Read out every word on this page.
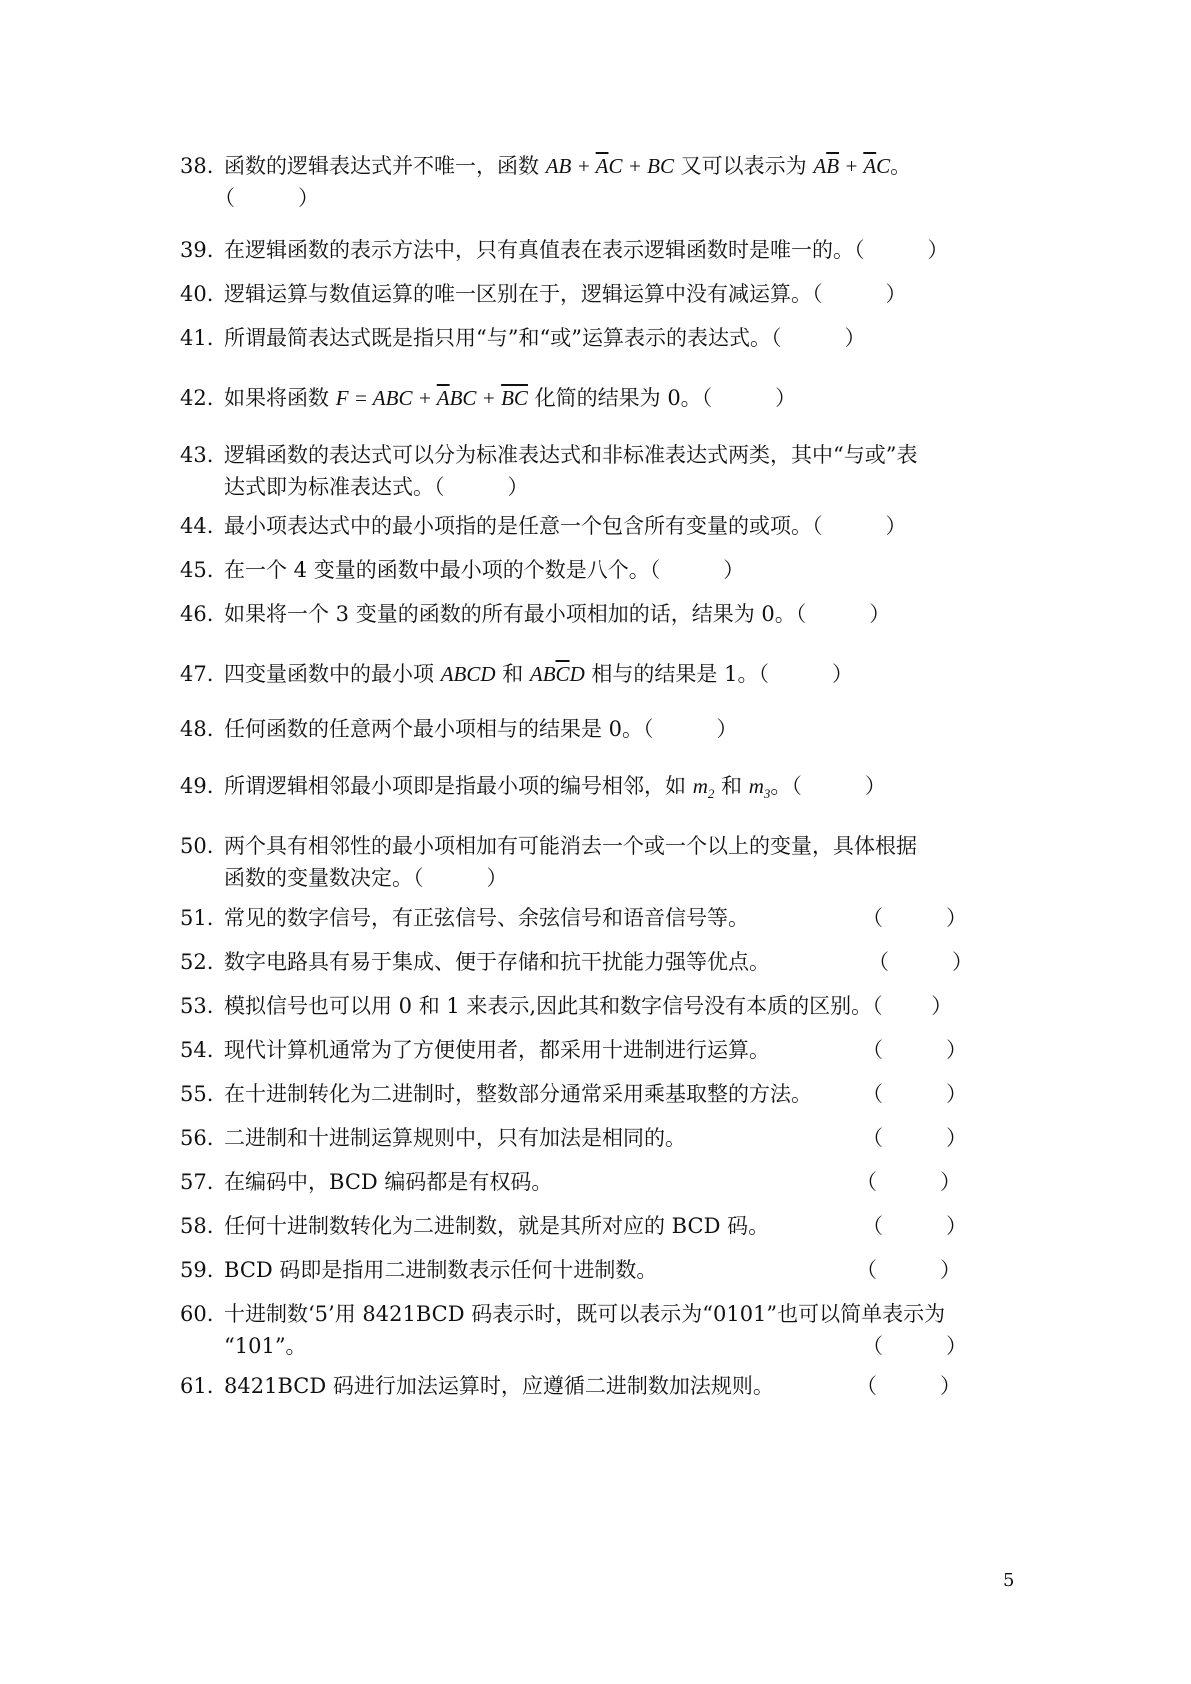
38. 函数的逻辑表达式并不唯一，函数 AB + $\overline{A}C$ + BC 又可以表示为 $A\overline{B} + \overline{A}C$。
（　　　）
39. 在逻辑函数的表示方法中，只有真值表在表示逻辑函数时是唯一的。（　　　）
40. 逻辑运算与数值运算的唯一区别在于，逻辑运算中没有减运算。（　　　）
41. 所谓最简表达式既是指只用“与”和“或”运算表示的表达式。（　　　）
42. 如果将函数 F = ABC + $\overline{A}BC + \overline{BC}$ 化简的结果为 0。（　　　）
43. 逻辑函数的表达式可以分为标准表达式和非标准表达式两类，其中“与或”表
达式即为标准表达式。（　　　）
44. 最小项表达式中的最小项指的是任意一个包含所有变量的或项。（　　　）
45. 在一个 4 变量的函数中最小项的个数是八个。（　　　）
46. 如果将一个 3 变量的函数的所有最小项相加的话，结果为 0。（　　　）
47. 四变量函数中的最小项 ABCD 和 $AB\overline{C}D$ 相与的结果是 1。（　　　）
48. 任何函数的任意两个最小项相与的结果是 0。（　　　）
49. 所谓逻辑相邻最小项即是指最小项的编号相邻，如 $m_2$ 和 $m_3$。（　　　）
50. 两个具有相邻性的最小项相加有可能消去一个或一个以上的变量，具体根据
函数的变量数决定。（　　　）
51. 常见的数字信号，有正弦信号、余弦信号和语音信号等。	（　　　）
52. 数字电路具有易于集成、便于存储和抗干扰能力强等优点。	（　　　）
53. 模拟信号也可以用 0 和 1 来表示,因此其和数字信号没有本质的区别。（　　 ）
54. 现代计算机通常为了方便使用者，都采用十进制进行运算。	（　　　）
55. 在十进制转化为二进制时，整数部分通常采用乘基取整的方法。 （　　　）
56. 二进制和十进制运算规则中，只有加法是相同的。	（　　　）
57. 在编码中，BCD 编码都是有权码。	（　　　）
58. 任何十进制数转化为二进制数，就是其所对应的 BCD 码。	（　　　）
59. BCD 码即是指用二进制数表示任何十进制数。	（　　　）
60. 十进制数‘5’用 8421BCD 码表示时，既可以表示为“0101”也可以简单表示为
“101”。	（　　　）
61. 8421BCD 码进行加法运算时，应遵循二进制数加法规则。	（　　　）
5
